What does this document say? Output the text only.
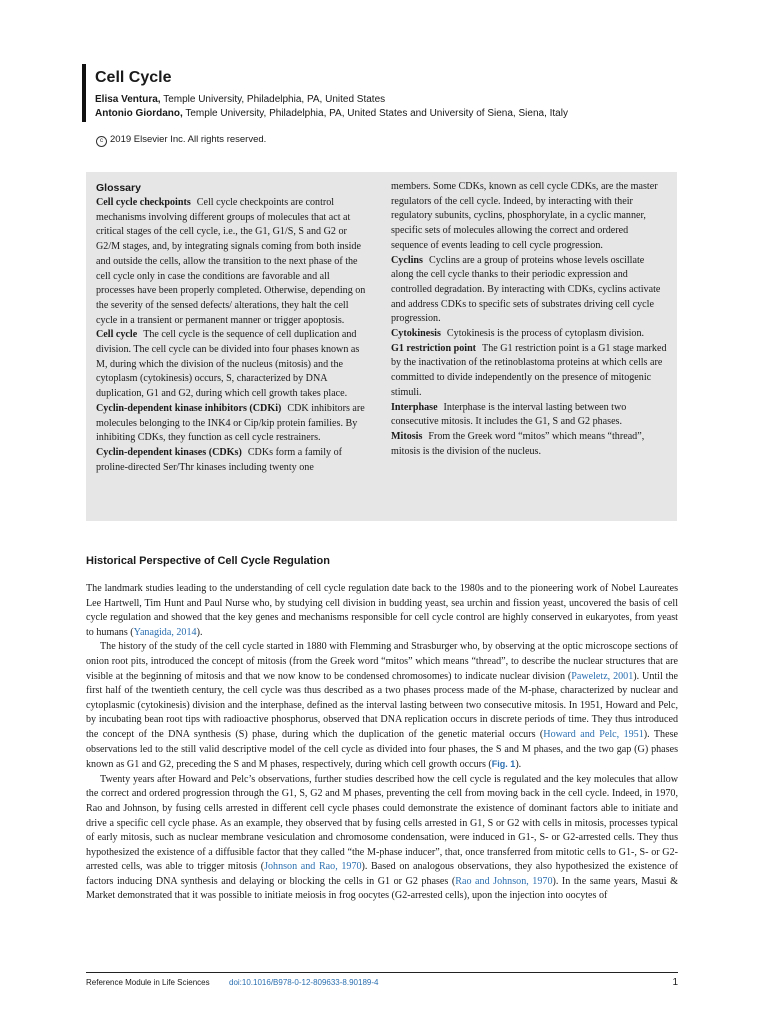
Cell Cycle
Elisa Ventura, Temple University, Philadelphia, PA, United States
Antonio Giordano, Temple University, Philadelphia, PA, United States and University of Siena, Siena, Italy
c 2019 Elsevier Inc. All rights reserved.
Glossary

Cell cycle checkpoints Cell cycle checkpoints are control mechanisms involving different groups of molecules that act at critical stages of the cell cycle, i.e., the G1, G1/S, S and G2 or G2/M stages, and, by integrating signals coming from both inside and outside the cells, allow the transition to the next phase of the cell cycle only in case the conditions are favorable and all processes have been properly completed. Otherwise, depending on the severity of the sensed defects/ alterations, they halt the cell cycle in a transient or permanent manner or trigger apoptosis.

Cell cycle The cell cycle is the sequence of cell duplication and division. The cell cycle can be divided into four phases known as M, during which the division of the nucleus (mitosis) and the cytoplasm (cytokinesis) occurs, S, characterized by DNA duplication, G1 and G2, during which cell growth takes place.

Cyclin-dependent kinase inhibitors (CDKi) CDK inhibitors are molecules belonging to the INK4 or Cip/kip protein families. By inhibiting CDKs, they function as cell cycle restrainers.

Cyclin-dependent kinases (CDKs) CDKs form a family of proline-directed Ser/Thr kinases including twenty one

members. Some CDKs, known as cell cycle CDKs, are the master regulators of the cell cycle. Indeed, by interacting with their regulatory subunits, cyclins, phosphorylate, in a cyclic manner, specific sets of molecules allowing the correct and ordered sequence of events leading to cell cycle progression.

Cyclins Cyclins are a group of proteins whose levels oscillate along the cell cycle thanks to their periodic expression and controlled degradation. By interacting with CDKs, cyclins activate and address CDKs to specific sets of substrates driving cell cycle progression.

Cytokinesis Cytokinesis is the process of cytoplasm division.

G1 restriction point The G1 restriction point is a G1 stage marked by the inactivation of the retinoblastoma proteins at which cells are committed to divide independently on the presence of mitogenic stimuli.

Interphase Interphase is the interval lasting between two consecutive mitosis. It includes the G1, S and G2 phases.

Mitosis From the Greek word “mitos” which means “thread”, mitosis is the division of the nucleus.

Historical Perspective of Cell Cycle Regulation

The landmark studies leading to the understanding of cell cycle regulation date back to the 1980s and to the pioneering work of Nobel Laureates Lee Hartwell, Tim Hunt and Paul Nurse who, by studying cell division in budding yeast, sea urchin and fission yeast, uncovered the basis of cell cycle regulation and showed that the key genes and mechanisms responsible for cell cycle control are highly conserved in eukaryotes, from yeast to humans (Yanagida, 2014).

The history of the study of the cell cycle started in 1880 with Flemming and Strasburger who, by observing at the optic microscope sections of onion root pits, introduced the concept of mitosis (from the Greek word “mitos” which means “thread”, to describe the nuclear structures that are visible at the beginning of mitosis and that we now know to be condensed chromosomes) to indicate nuclear division (Paweletz, 2001). Until the first half of the twentieth century, the cell cycle was thus described as a two phases process made of the M-phase, characterized by nuclear and cytoplasmic (cytokinesis) division and the interphase, defined as the interval lasting between two consecutive mitosis. In 1951, Howard and Pelc, by incubating bean root tips with radioactive phosphorus, observed that DNA replication occurs in discrete periods of time. They thus introduced the concept of the DNA synthesis (S) phase, during which the duplication of the genetic material occurs (Howard and Pelc, 1951). These observations led to the still valid descriptive model of the cell cycle as divided into four phases, the S and M phases, and the two gap (G) phases known as G1 and G2, preceding the S and M phases, respectively, during which cell growth occurs (Fig. 1).

Twenty years after Howard and Pelc’s observations, further studies described how the cell cycle is regulated and the key molecules that allow the correct and ordered progression through the G1, S, G2 and M phases, preventing the cell from moving back in the cell cycle. Indeed, in 1970, Rao and Johnson, by fusing cells arrested in different cell cycle phases could demonstrate the existence of dominant factors able to initiate and drive a specific cell cycle phase. As an example, they observed that by fusing cells arrested in G1, S or G2 with cells in mitosis, processes typical of early mitosis, such as nuclear membrane vesiculation and chromosome condensation, were induced in G1-, S- or G2-arrested cells. They thus hypothesized the existence of a diffusible factor that they called “the M-phase inducer”, that, once transferred from mitotic cells to G1-, S- or G2- arrested cells, was able to trigger mitosis (Johnson and Rao, 1970). Based on analogous observations, they also hypothesized the existence of factors inducing DNA synthesis and delaying or blocking the cells in G1 or G2 phases (Rao and Johnson, 1970). In the same years, Masui & Market demonstrated that it was possible to initiate meiosis in frog oocytes (G2-arrested cells), upon the injection into oocytes of

Reference Module in Life Sciences doi:10.1016/B978-0-12-809633-8.90189-4	1
